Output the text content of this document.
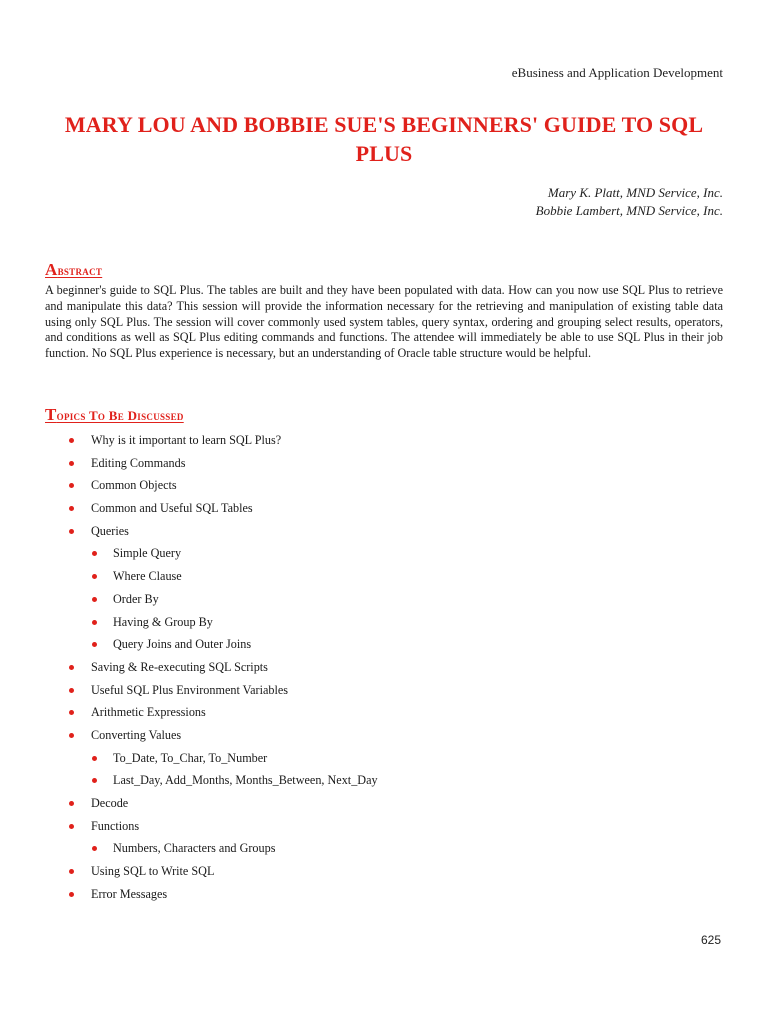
eBusiness and Application Development
MARY LOU AND BOBBIE SUE'S BEGINNERS' GUIDE TO SQL PLUS
Mary K. Platt, MND Service, Inc.
Bobbie Lambert, MND Service, Inc.
Abstract
A beginner's guide to SQL Plus. The tables are built and they have been populated with data. How can you now use SQL Plus to retrieve and manipulate this data? This session will provide the information necessary for the retrieving and manipulation of existing table data using only SQL Plus. The session will cover commonly used system tables, query syntax, ordering and grouping select results, operators, and conditions as well as SQL Plus editing commands and functions. The attendee will immediately be able to use SQL Plus in their job function. No SQL Plus experience is necessary, but an understanding of Oracle table structure would be helpful.
Topics To Be Discussed
Why is it important to learn SQL Plus?
Editing Commands
Common Objects
Common and Useful SQL Tables
Queries
Simple Query
Where Clause
Order By
Having & Group By
Query Joins and Outer Joins
Saving & Re-executing SQL Scripts
Useful SQL Plus Environment Variables
Arithmetic Expressions
Converting Values
To_Date, To_Char, To_Number
Last_Day, Add_Months, Months_Between, Next_Day
Decode
Functions
Numbers, Characters and Groups
Using SQL to Write SQL
Error Messages
625
